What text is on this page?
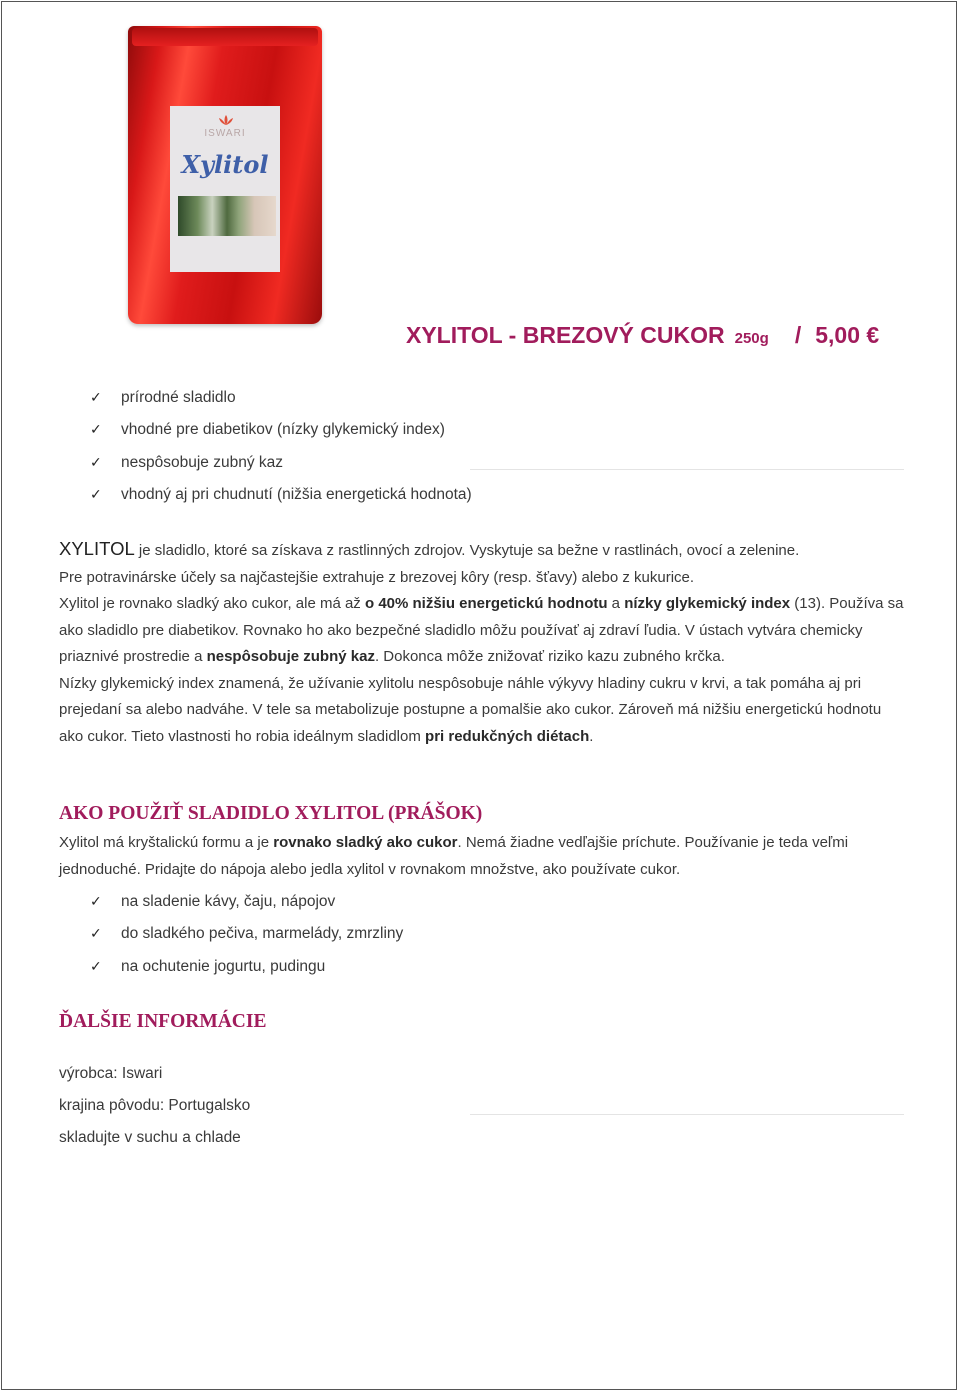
ISWARI
Xylitol
XYLITOL - BREZOVÝ CUKOR 250g / 5,00 €
✓ prírodné sladidlo
✓ vhodné pre diabetikov (nízky glykemický index)
✓ nespôsobuje zubný kaz
✓ vhodný aj pri chudnutí (nižšia energetická hodnota)

XYLITOL je sladidlo, ktoré sa získava z rastlinných zdrojov. Vyskytuje sa bežne v rastlinách, ovocí a zelenine.
Pre potravinárske účely sa najčastejšie extrahuje z brezovej kôry (resp. šťavy) alebo z kukurice.
Xylitol je rovnako sladký ako cukor, ale má až o 40% nižšiu energetickú hodnotu a nízky glykemický index (13). Používa sa ako sladidlo pre diabetikov. Rovnako ho ako bezpečné sladidlo môžu používať aj zdraví ľudia. V ústach vytvára chemicky priaznivé prostredie a nespôsobuje zubný kaz. Dokonca môže znižovať riziko kazu zubného krčka.
Nízky glykemický index znamená, že užívanie xylitolu nespôsobuje náhle výkyvy hladiny cukru v krvi, a tak pomáha aj pri prejedaní sa alebo nadváhe. V tele sa metabolizuje postupne a pomalšie ako cukor. Zároveň má nižšiu energetickú hodnotu ako cukor. Tieto vlastnosti ho robia ideálnym sladidlom pri redukčných diétach.

AKO POUŽIŤ SLADIDLO XYLITOL (PRÁŠOK)

Xylitol má kryštalickú formu a je rovnako sladký ako cukor. Nemá žiadne vedľajšie príchute. Používanie je teda veľmi jednoduché. Pridajte do nápoja alebo jedla xylitol v rovnakom množstve, ako používate cukor.

✓ na sladenie kávy, čaju, nápojov
✓ do sladkého pečiva, marmelády, zmrzliny
✓ na ochutenie jogurtu, pudingu
ĎALŠIE INFORMÁCIE
výrobca: Iswari
krajina pôvodu: Portugalsko
skladujte v suchu a chlade
